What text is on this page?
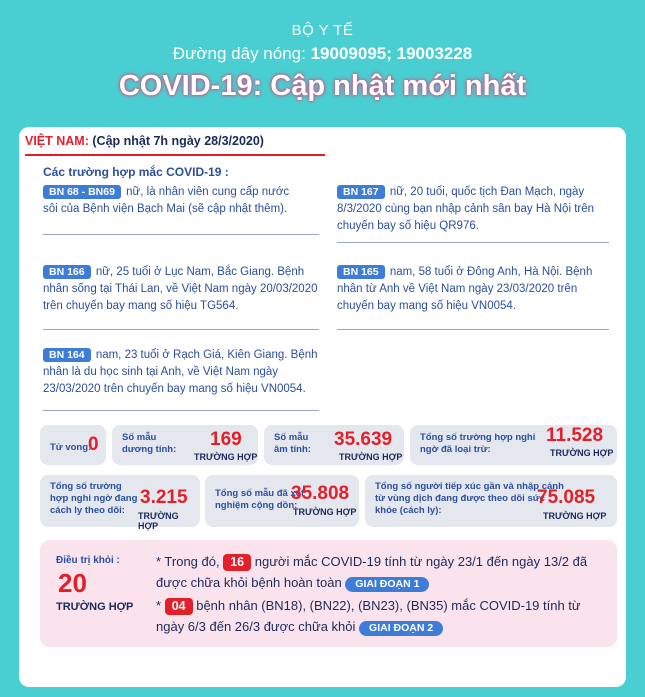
BỘ Y TẾ
Đường dây nóng: 19009095; 19003228
COVID-19: Cập nhật mới nhất
VIỆT NAM: (Cập nhật 7h ngày 28/3/2020)
Các trường hợp mắc COVID-19 :
BN 68 - BN69 nữ, là nhân viên cung cấp nước sôi của Bệnh viện Bạch Mai (sẽ cập nhật thêm).
BN 167 nữ, 20 tuổi, quốc tịch Đan Mạch, ngày 8/3/2020 cùng bạn nhập cảnh sân bay Hà Nội trên chuyến bay số hiệu QR976.
BN 166 nữ, 25 tuổi ở Lục Nam, Bắc Giang. Bệnh nhân sống tại Thái Lan, về Việt Nam ngày 20/03/2020 trên chuyến bay mang số hiệu TG564.
BN 165 nam, 58 tuổi ở Đông Anh, Hà Nội. Bệnh nhân từ Anh về Việt Nam ngày 23/03/2020 trên chuyến bay mang số hiệu VN0054.
BN 164 nam, 23 tuổi ở Rạch Giá, Kiên Giang. Bệnh nhân là du học sinh tại Anh, về Việt Nam ngày 23/03/2020 trên chuyến bay mang số hiệu VN0054.
Tử vong:
0 Số mẫu
dương tính: 169
TRƯỜNG HỢP
Số mẫu
âm tính: 35.639
TRƯỜNG HỢP
Tổng số trường hợp nghi
ngờ đã loại trừ:
11.528
TRƯỜNG HỢP
Tổng số trường
hợp nghi ngờ đang
cách ly theo dõi:
3.215
TRƯỜNG HỢP
Tổng số mẫu đã xét
nghiệm cộng dồn:
35.808
TRƯỜNG HỢP
Tổng số người tiếp xúc gần và nhập cảnh
từ vùng dịch đang được theo dõi sức
khỏe (cách ly):
75.085
TRƯỜNG HỢP
Điều trị khỏi :
20
TRƯỜNG HỢP
* Trong đó, 16 người mắc COVID-19 tính từ ngày 23/1 đến ngày 13/2 đã
được chữa khỏi bệnh hoàn toàn GIAI ĐOẠN 1
* 04 bệnh nhân (BN18), (BN22), (BN23), (BN35) mắc COVID-19 tính từ
ngày 6/3 đến 26/3 được chữa khỏi GIAI ĐOẠN 2
